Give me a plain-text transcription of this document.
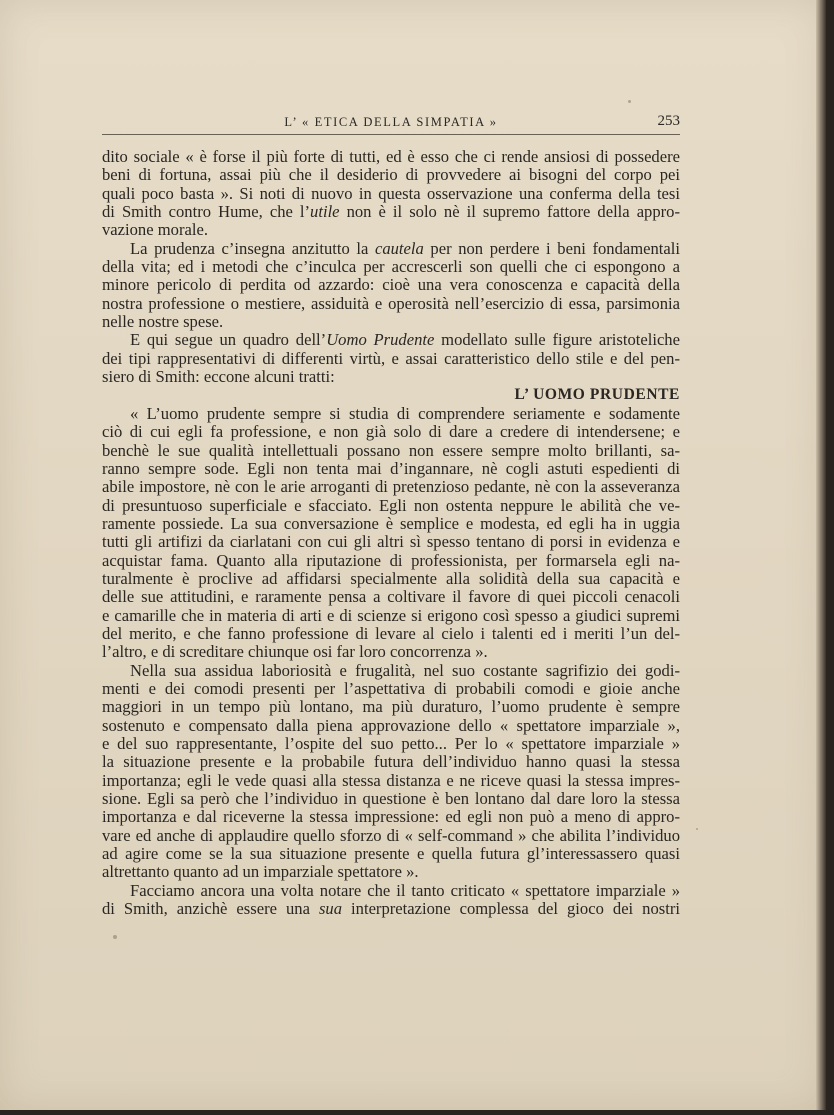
L’ « ETICA DELLA SIMPATIA »	253
dito sociale « è forse il più forte di tutti, ed è esso che ci rende ansiosi di possedere
beni di fortuna, assai più che il desiderio di provvedere ai bisogni del corpo pei
quali poco basta ». Si noti di nuovo in questa osservazione una conferma della tesi
di Smith contro Hume, che l’utile non è il solo nè il supremo fattore della appro-
vazione morale.
La prudenza c’insegna anzitutto la cautela per non perdere i beni fondamentali
della vita; ed i metodi che c’inculca per accrescerli son quelli che ci espongono a
minore pericolo di perdita od azzardo: cioè una vera conoscenza e capacità della
nostra professione o mestiere, assiduità e operosità nell’esercizio di essa, parsimonia
nelle nostre spese.
E qui segue un quadro dell’Uomo Prudente modellato sulle figure aristoteliche
dei tipi rappresentativi di differenti virtù, e assai caratteristico dello stile e del pen-
siero di Smith: eccone alcuni tratti:
L’ UOMO PRUDENTE
« L’uomo prudente sempre si studia di comprendere seriamente e sodamente
ciò di cui egli fa professione, e non già solo di dare a credere di intendersene; e
benchè le sue qualità intellettuali possano non essere sempre molto brillanti, sa-
ranno sempre sode. Egli non tenta mai d’ingannare, nè cogli astuti espedienti di
abile impostore, nè con le arie arroganti di pretenzioso pedante, nè con la asseveranza
di presuntuoso superficiale e sfacciato. Egli non ostenta neppure le abilità che ve-
ramente possiede. La sua conversazione è semplice e modesta, ed egli ha in uggia
tutti gli artifizi da ciarlatani con cui gli altri sì spesso tentano di porsi in evidenza e
acquistar fama. Quanto alla riputazione di professionista, per formarsela egli na-
turalmente è proclive ad affidarsi specialmente alla solidità della sua capacità e
delle sue attitudini, e raramente pensa a coltivare il favore di quei piccoli cenacoli
e camarille che in materia di arti e di scienze si erigono così spesso a giudici supremi
del merito, e che fanno professione di levare al cielo i talenti ed i meriti l’un del-
l’altro, e di screditare chiunque osi far loro concorrenza ».
Nella sua assidua laboriosità e frugalità, nel suo costante sagrifizio dei godi-
menti e dei comodi presenti per l’aspettativa di probabili comodi e gioie anche
maggiori in un tempo più lontano, ma più duraturo, l’uomo prudente è sempre
sostenuto e compensato dalla piena approvazione dello « spettatore imparziale »,
e del suo rappresentante, l’ospite del suo petto... Per lo « spettatore imparziale »
la situazione presente e la probabile futura dell’individuo hanno quasi la stessa
importanza; egli le vede quasi alla stessa distanza e ne riceve quasi la stessa impres-
sione. Egli sa però che l’individuo in questione è ben lontano dal dare loro la stessa
importanza e dal riceverne la stessa impressione: ed egli non può a meno di appro-
vare ed anche di applaudire quello sforzo di « self-command » che abilita l’individuo
ad agire come se la sua situazione presente e quella futura gl’interessassero quasi
altrettanto quanto ad un imparziale spettatore ».
Facciamo ancora una volta notare che il tanto criticato « spettatore imparziale »
di Smith, anzichè essere una sua interpretazione complessa del gioco dei nostri
